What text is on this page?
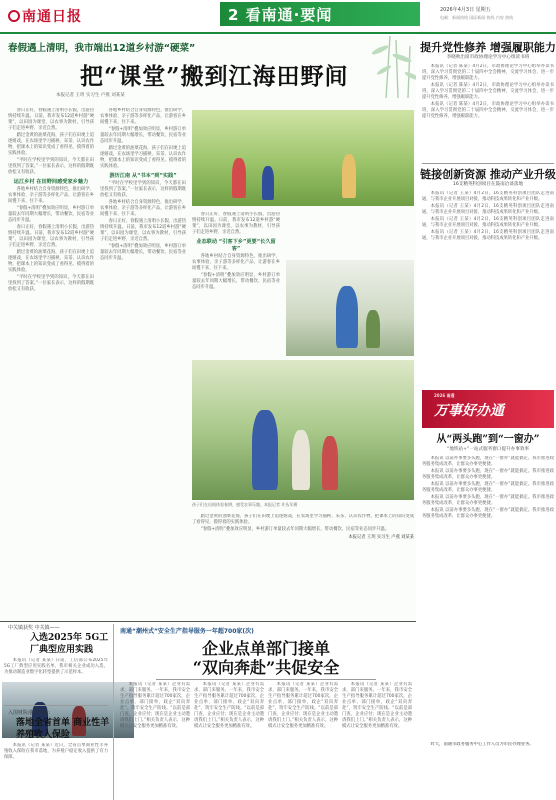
南通日报	2 看南通·要闻	2026年4月3日 星期五
电邮：新闻热线 国际新闻 热线 内容 热线
春假遇上清明，我市端出12道乡村游“硬菜”
把“课堂”搬到江海田野间
本报记者 王玥 实习生 卢燕 刘某某

春日正好，春假遇上清明小长假，出游热情持续升温。日前，我市发布12道乡村游“硬菜”，以田园为课堂、以农事为教材，引导孩子们走进乡野、亲近自然。

踏过金黄的油菜花海，孩子们在田埂上追逐嬉戏，在农场里学习插秧、采茶、认识农作物，把课本上的知识变成了看得见、摸得着的实践体验。

“平时在学校里学到的知识，今天都在田里找到了答案。”一位家长表示，这样的假期既放松又有收获。

运江乡村 在田野间感受家乡魅力

各地乡村结合自身资源特色，推出研学、农事体验、亲子游等多样化产品，让游客在乡间慢下来、住下来。

“春假+清明”叠加效应明显，乡村游订单量较去年同期大幅增长，带动餐饮、民宿等业态同步升温。

春日正好，春假遇上清明小长假，出游热情持续升温。日前，我市发布12道乡村游“硬菜”，以田园为课堂、以农事为教材，引导孩子们走进乡野、亲近自然。

踏过金黄的油菜花海，孩子们在田埂上追逐嬉戏，在农场里学习插秧、采茶、认识农作物，把课本上的知识变成了看得见、摸得着的实践体验。

“平时在学校里学到的知识，今天都在田里找到了答案。”一位家长表示，这样的假期既放松又有收获。

各地乡村结合自身资源特色，推出研学、农事体验、亲子游等多样化产品，让游客在乡间慢下来、住下来。

“春假+清明”叠加效应明显，乡村游订单量较去年同期大幅增长，带动餐饮、民宿等业态同步升温。

踏过金黄的油菜花海，孩子们在田埂上追逐嬉戏，在农场里学习插秧、采茶、认识农作物，把课本上的知识变成了看得见、摸得着的实践体验。

游历江南 从“书本”到“实践”

“平时在学校里学到的知识，今天都在田里找到了答案。”一位家长表示，这样的假期既放松又有收获。

各地乡村结合自身资源特色，推出研学、农事体验、亲子游等多样化产品，让游客在乡间慢下来、住下来。

春日正好，春假遇上清明小长假，出游热情持续升温。日前，我市发布12道乡村游“硬菜”，以田园为课堂、以农事为教材，引导孩子们走进乡野、亲近自然。

“春假+清明”叠加效应明显，乡村游订单量较去年同期大幅增长，带动餐饮、民宿等业态同步升温。

春日正好，春假遇上清明小长假，出游热情持续升温。日前，我市发布12道乡村游“硬菜”，以田园为课堂、以农事为教材，引导孩子们走进乡野、亲近自然。

业态联动 “引客下乡”更要“长久留客”

各地乡村结合自身资源特色，推出研学、农事体验、亲子游等多样化产品，让游客在乡间慢下来、住下来。

“春假+清明”叠加效应明显，乡村游订单量较去年同期大幅增长，带动餐饮、民宿等业态同步升温。

孩子们在田间体验春耕，感受农事乐趣。本报记者 许丛军摄

踏过金黄的油菜花海，孩子们在田埂上追逐嬉戏，在农场里学习插秧、采茶、认识农作物，把课本上的知识变成了看得见、摸得着的实践体验。

“春假+清明”叠加效应明显，乡村游订单量较去年同期大幅增长，带动餐饮、民宿等业态同步升温。

本报记者 王玥 实习生 卢燕 刘某某

提升党性修养 增强履职能力
李晓秋出席市政协理论学习中心组读书班

本报讯（记者 陈某）4月2日，市政协理论学习中心组举办读书班，深入学习贯彻党的二十届四中全会精神，交流学习体会，进一步提升党性修养，增强履职能力。

本报讯（记者 陈某）4月2日，市政协理论学习中心组举办读书班，深入学习贯彻党的二十届四中全会精神，交流学习体会，进一步提升党性修养，增强履职能力。

本报讯（记者 陈某）4月2日，市政协理论学习中心组举办读书班，深入学习贯彻党的二十届四中全会精神，交流学习体会，进一步提升党性修养，增强履职能力。

链接创新资源 推动产业升级
16支精英科创项目在鼓南洽谈落地

本报讯（记者 王某）4月2日，16支精英科创项目团队走进南通，与我市企业开展项目对接，推动科技成果转化和产业升级。

本报讯（记者 王某）4月2日，16支精英科创项目团队走进南通，与我市企业开展项目对接，推动科技成果转化和产业升级。

本报讯（记者 王某）4月2日，16支精英科创项目团队走进南通，与我市企业开展项目对接，推动科技成果转化和产业升级。

本报讯（记者 王某）4月2日，16支精英科创项目团队走进南通，与我市企业开展项目对接，推动科技成果转化和产业升级。

2026 南通
万事好办通
从“两头跑”到“一窗办”
“地铁站+”一站式服务窗口提升办事效率

本报讯 以前办事要多头跑，现在“一窗办”就能搞定。我市推进政务服务集成改革，让群众办事更便捷。

本报讯 以前办事要多头跑，现在“一窗办”就能搞定。我市推进政务服务集成改革，让群众办事更便捷。

本报讯 以前办事要多头跑，现在“一窗办”就能搞定。我市推进政务服务集成改革，让群众办事更便捷。

本报讯 以前办事要多头跑，现在“一窗办”就能搞定。我市推进政务服务集成改革，让群众办事更便捷。

本报讯 以前办事要多头跑，现在“一窗办”就能搞定。我市推进政务服务集成改革，让群众办事更便捷。

昨天，南通市政务服务中心工作人员为市民办理业务。

中关镇获奖 中关镇——
入选2025年 5G工厂典型应用实践

本报讯（记者 某某）日前，工信部公布2025年5G工厂典型应用实践名单，我市相关企业成功入选，为推动制造业数字化转型提供了示范样本。

入围财险港口企业：
落地全省首单 商业性羊养殖收入保险

本报讯（记者 某某）近日，全省首单商业性羊养殖收入保险在我市落地，为养殖户稳定收入提供了有力保障。

南通“潮州式”安全生产指导服务一年超700家(次)
企业点单部门接单
“双向奔赴”共促安全

本报讯（记者 某某）企业有需求，部门来服务。一年来，我市安全生产指导服务累计超过700家次，企业点单、部门接单，政企“双向奔赴”，筑牢安全生产防线。“以前是部门查、企业应付；现在是企业主动邀请我们上门。”相关负责人表示，这种模式让安全服务更加精准有效。

本报讯（记者 某某）企业有需求，部门来服务。一年来，我市安全生产指导服务累计超过700家次，企业点单、部门接单，政企“双向奔赴”，筑牢安全生产防线。“以前是部门查、企业应付；现在是企业主动邀请我们上门。”相关负责人表示，这种模式让安全服务更加精准有效。

本报讯（记者 某某）企业有需求，部门来服务。一年来，我市安全生产指导服务累计超过700家次，企业点单、部门接单，政企“双向奔赴”，筑牢安全生产防线。“以前是部门查、企业应付；现在是企业主动邀请我们上门。”相关负责人表示，这种模式让安全服务更加精准有效。

本报讯（记者 某某）企业有需求，部门来服务。一年来，我市安全生产指导服务累计超过700家次，企业点单、部门接单，政企“双向奔赴”，筑牢安全生产防线。“以前是部门查、企业应付；现在是企业主动邀请我们上门。”相关负责人表示，这种模式让安全服务更加精准有效。
